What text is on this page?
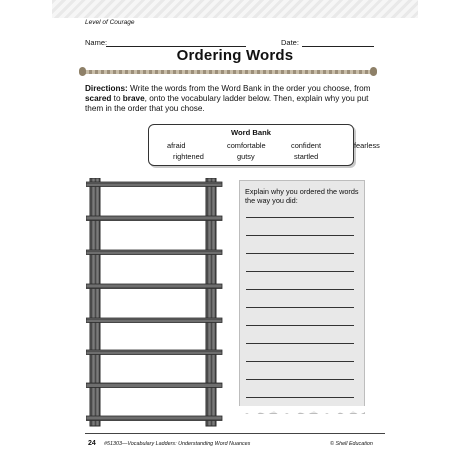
Level of Courage
Name:	Date:
Ordering Words
Directions: Write the words from the Word Bank in the order you choose, from scared to brave, onto the vocabulary ladder below. Then, explain why you put them in the order that you chose.
Word Bank
afraid	comfortable	confident	fearless
rightened	gutsy	startled
Explain why you ordered the words the way you did:
24 #51303—Vocabulary Ladders: Understanding Word Nuances	© Shell Education
